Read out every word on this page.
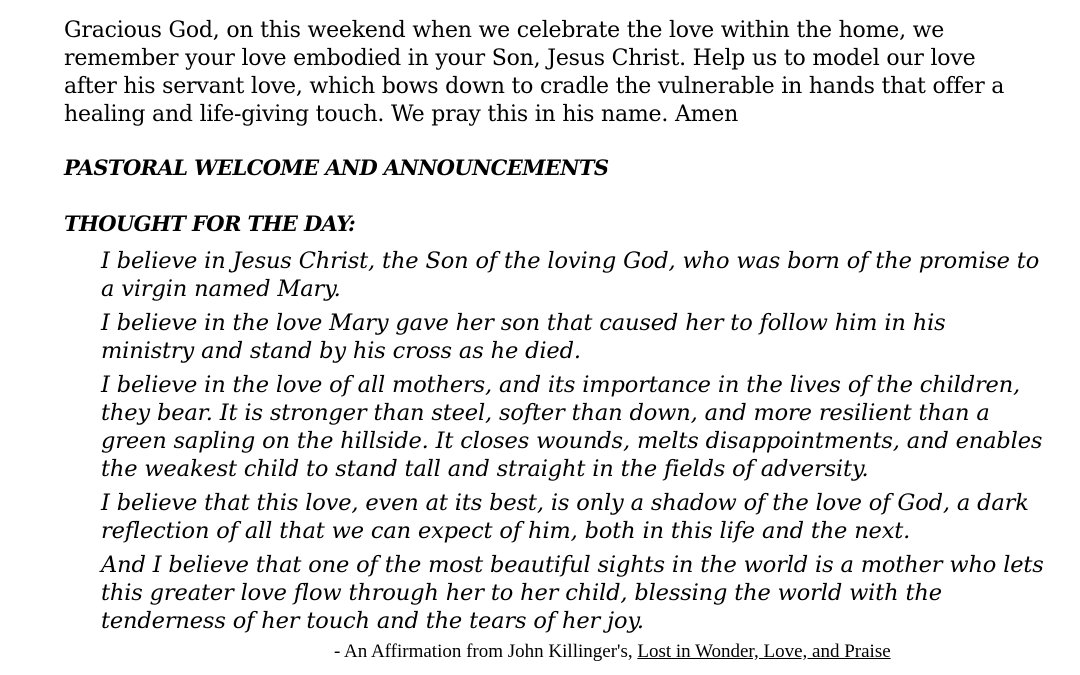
Gracious God, on this weekend when we celebrate the love within the home, we
remember your love embodied in your Son, Jesus Christ. Help us to model our love
after his servant love, which bows down to cradle the vulnerable in hands that offer a
healing and life-giving touch. We pray this in his name. Amen
PASTORAL WELCOME AND ANNOUNCEMENTS
THOUGHT FOR THE DAY:
I believe in Jesus Christ, the Son of the loving God, who was born of the promise to
a virgin named Mary.
I believe in the love Mary gave her son that caused her to follow him in his
ministry and stand by his cross as he died.
I believe in the love of all mothers, and its importance in the lives of the children,
they bear. It is stronger than steel, softer than down, and more resilient than a
green sapling on the hillside. It closes wounds, melts disappointments, and enables
the weakest child to stand tall and straight in the fields of adversity.
I believe that this love, even at its best, is only a shadow of the love of God, a dark
reflection of all that we can expect of him, both in this life and the next.
And I believe that one of the most beautiful sights in the world is a mother who lets
this greater love flow through her to her child, blessing the world with the
tenderness of her touch and the tears of her joy.
- An Affirmation from John Killinger's, Lost in Wonder, Love, and Praise
